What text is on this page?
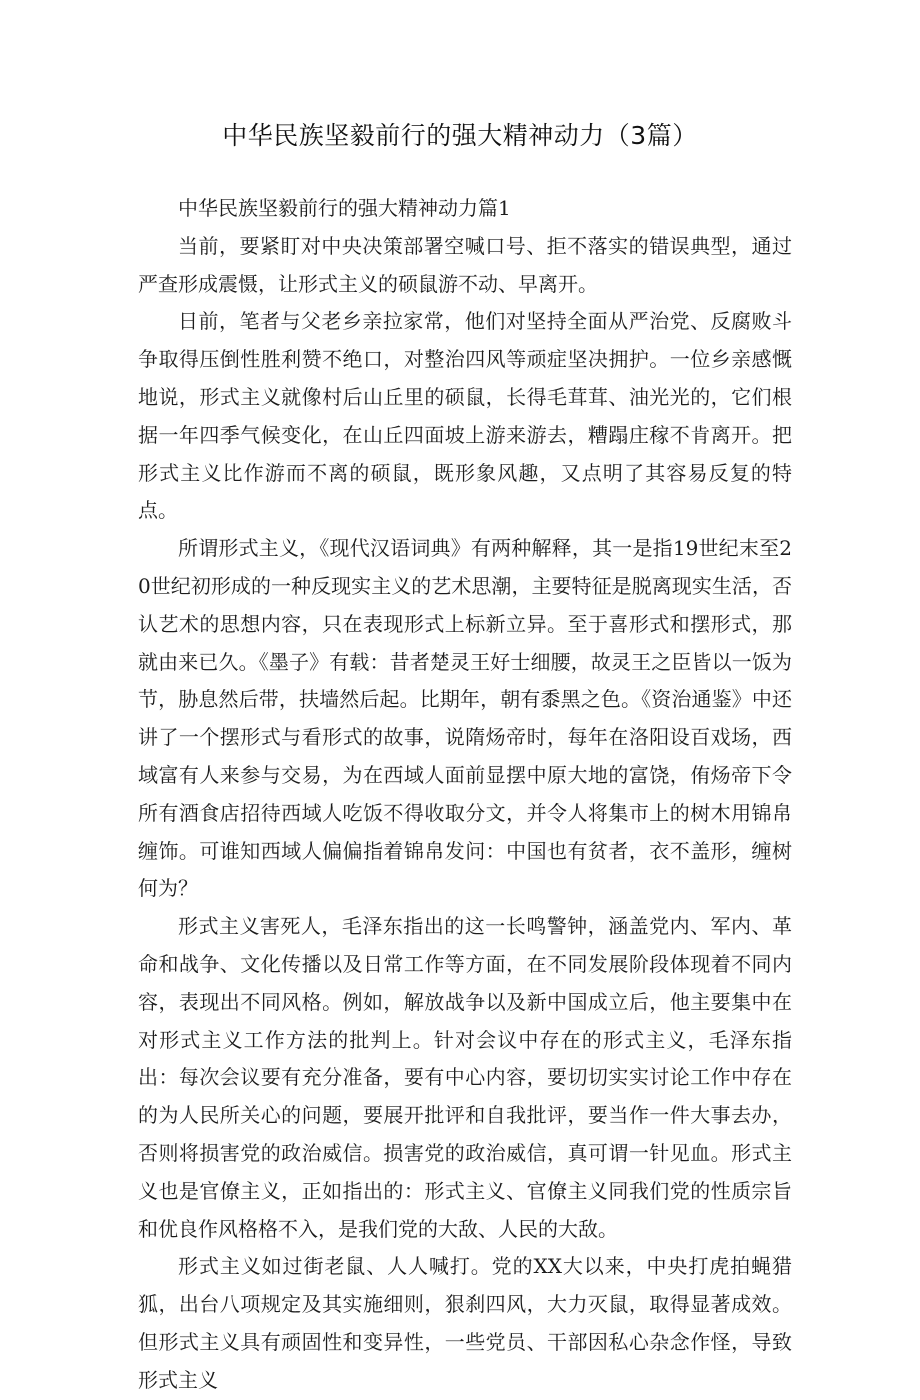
中华民族坚毅前行的强大精神动力（3篇）

中华民族坚毅前行的强大精神动力篇1

当前，要紧盯对中央决策部署空喊口号、拒不落实的错误典型，通过严查形成震慑，让形式主义的硕鼠游不动、早离开。

日前，笔者与父老乡亲拉家常，他们对坚持全面从严治党、反腐败斗争取得压倒性胜利赞不绝口，对整治四风等顽症坚决拥护。一位乡亲感慨地说，形式主义就像村后山丘里的硕鼠，长得毛茸茸、油光光的，它们根据一年四季气候变化，在山丘四面坡上游来游去，糟蹋庄稼不肯离开。把形式主义比作游而不离的硕鼠，既形象风趣，又点明了其容易反复的特点。

所谓形式主义，《现代汉语词典》有两种解释，其一是指19世纪末至20世纪初形成的一种反现实主义的艺术思潮，主要特征是脱离现实生活，否认艺术的思想内容，只在表现形式上标新立异。至于喜形式和摆形式，那就由来已久。《墨子》有载：昔者楚灵王好士细腰，故灵王之臣皆以一饭为节，胁息然后带，扶墙然后起。比期年，朝有黍黑之色。《资治通鉴》中还讲了一个摆形式与看形式的故事，说隋炀帝时，每年在洛阳设百戏场，西域富有人来参与交易，为在西域人面前显摆中原大地的富饶，侑炀帝下令所有酒食店招待西域人吃饭不得收取分文，并令人将集市上的树木用锦帛缠饰。可谁知西域人偏偏指着锦帛发问：中国也有贫者，衣不盖形，缠树何为？

形式主义害死人，毛泽东指出的这一长鸣警钟，涵盖党内、军内、革命和战争、文化传播以及日常工作等方面，在不同发展阶段体现着不同内容，表现出不同风格。例如，解放战争以及新中国成立后，他主要集中在对形式主义工作方法的批判上。针对会议中存在的形式主义，毛泽东指出：每次会议要有充分准备，要有中心内容，要切切实实讨论工作中存在的为人民所关心的问题，要展开批评和自我批评，要当作一件大事去办，否则将损害党的政治威信。损害党的政治威信，真可谓一针见血。形式主义也是官僚主义，正如指出的：形式主义、官僚主义同我们党的性质宗旨和优良作风格格不入，是我们党的大敌、人民的大敌。

形式主义如过街老鼠、人人喊打。党的XX大以来，中央打虎拍蝇猎狐，出台八项规定及其实施细则，狠刹四风，大力灭鼠，取得显著成效。但形式主义具有顽固性和变异性，一些党员、干部因私心杂念作怪，导致形式主义
